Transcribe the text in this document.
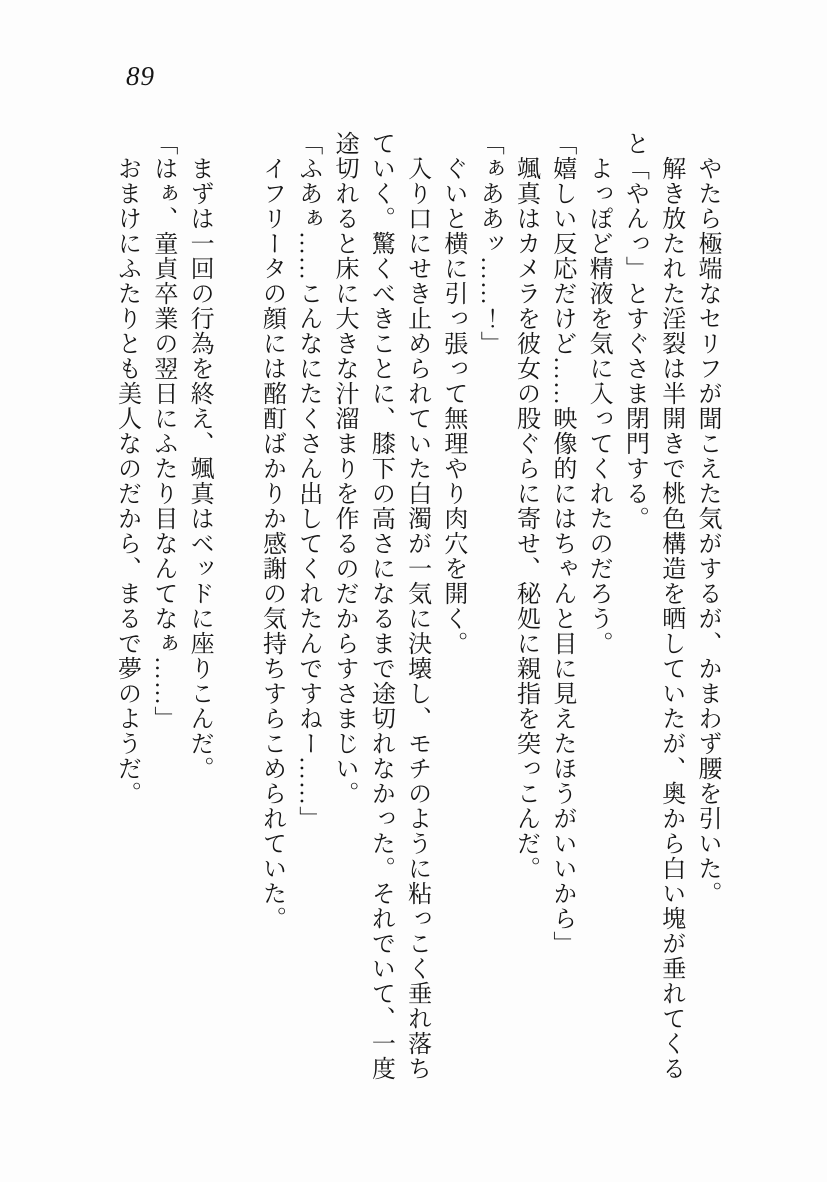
89
　やたら極端なセリフが聞こえた気がするが、かまわず腰を引いた。
　解き放たれた淫裂は半開きで桃色構造を晒していたが、奥から白い塊が垂れてくる
と「やんっ」とすぐさま閉門する。
　よっぽど精液を気に入ってくれたのだろう。
「嬉しい反応だけど……映像的にはちゃんと目に見えたほうがいいから」
　颯真はカメラを彼女の股ぐらに寄せ、秘処に親指を突っこんだ。
「ぁああッ……！」
　ぐいと横に引っ張って無理やり肉穴を開く。
　入り口にせき止められていた白濁が一気に決壊し、モチのように粘っこく垂れ落ち
ていく。驚くべきことに、膝下の高さになるまで途切れなかった。それでいて、一度
途切れると床に大きな汁溜まりを作るのだからすさまじい。
「ふあぁ……こんなにたくさん出してくれたんですねー……」
　イフリータの顔には酩酊ばかりか感謝の気持ちすらこめられていた。
　まずは一回の行為を終え、颯真はベッドに座りこんだ。
「はぁ、童貞卒業の翌日にふたり目なんてなぁ……」
　おまけにふたりとも美人なのだから、まるで夢のようだ。
